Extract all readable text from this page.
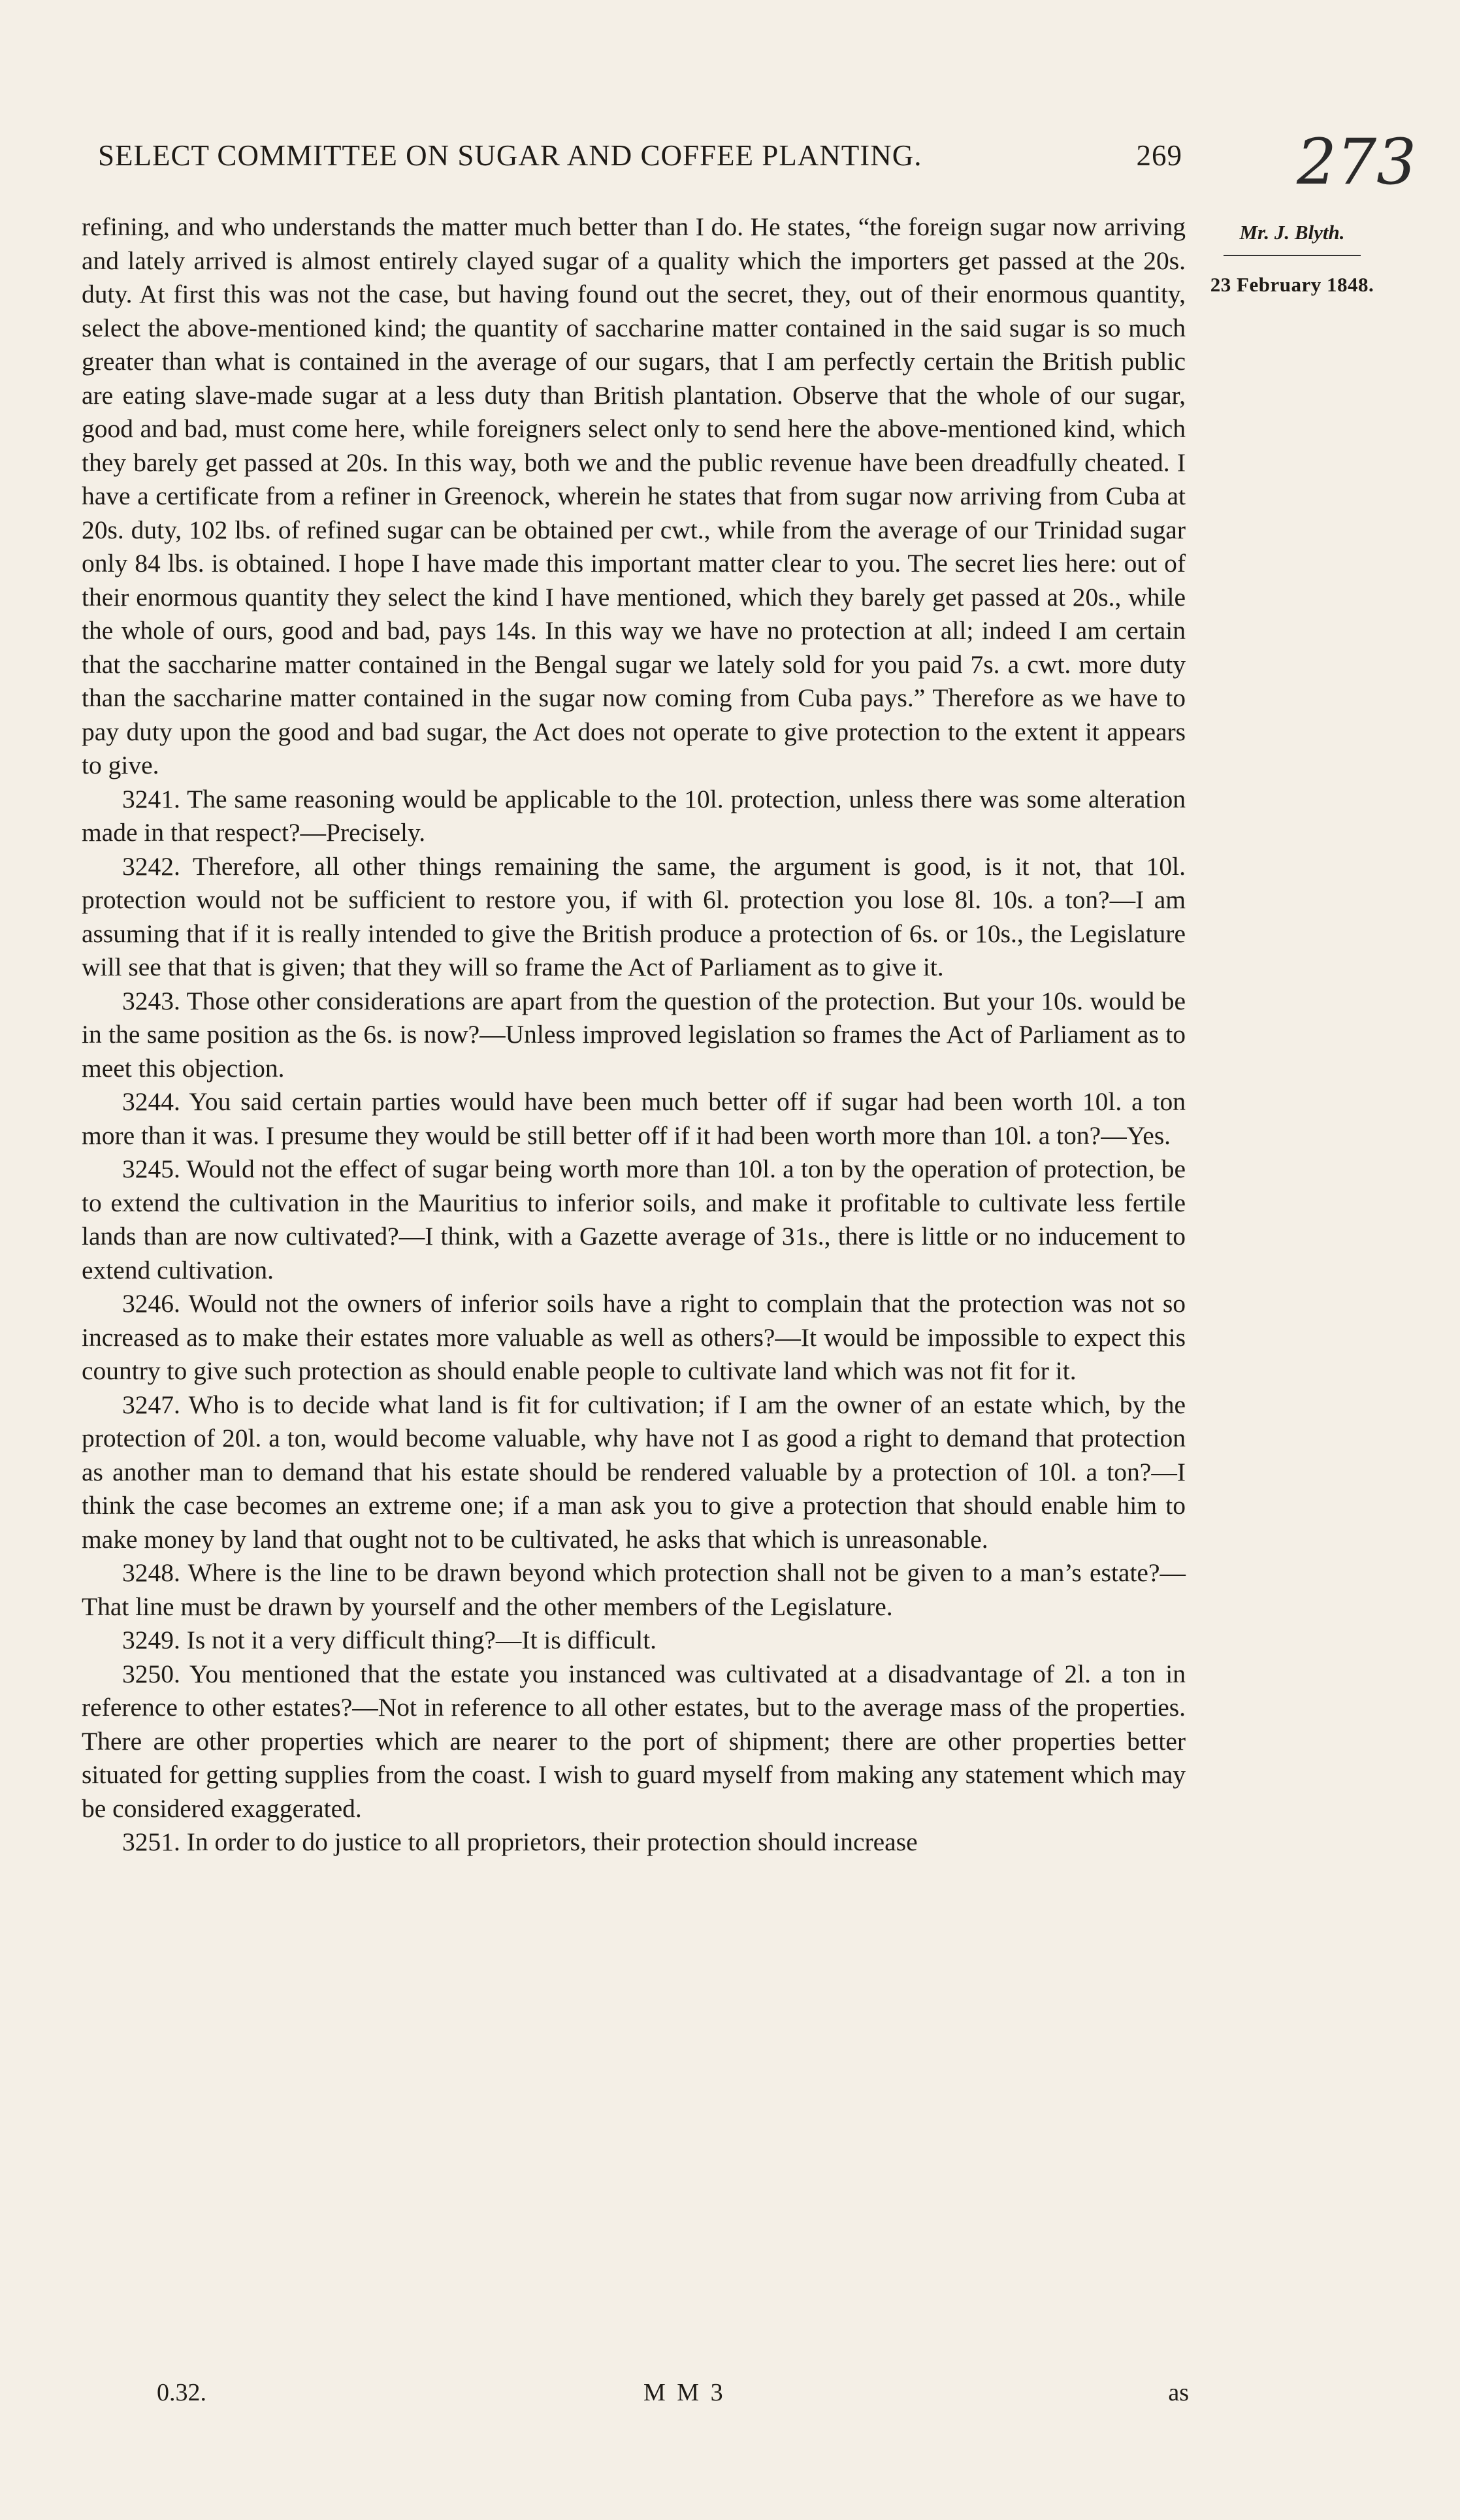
SELECT COMMITTEE ON SUGAR AND COFFEE PLANTING.	269 273
Mr. J. Blyth.
23 February 1848.

refining, and who understands the matter much better than I do. He states, “the foreign sugar now arriving and lately arrived is almost entirely clayed sugar of a quality which the importers get passed at the 20s. duty. At first this was not the case, but having found out the secret, they, out of their enormous quantity, select the above-mentioned kind; the quantity of saccharine matter contained in the said sugar is so much greater than what is contained in the average of our sugars, that I am perfectly certain the British public are eating slave-made sugar at a less duty than British plantation. Observe that the whole of our sugar, good and bad, must come here, while foreigners select only to send here the above-mentioned kind, which they barely get passed at 20s. In this way, both we and the public revenue have been dreadfully cheated. I have a certificate from a refiner in Greenock, wherein he states that from sugar now arriving from Cuba at 20s. duty, 102 lbs. of refined sugar can be obtained per cwt., while from the average of our Trinidad sugar only 84 lbs. is obtained. I hope I have made this important matter clear to you. The secret lies here: out of their enormous quantity they select the kind I have mentioned, which they barely get passed at 20s., while the whole of ours, good and bad, pays 14s. In this way we have no protection at all; indeed I am certain that the saccharine matter contained in the Bengal sugar we lately sold for you paid 7s. a cwt. more duty than the saccharine matter contained in the sugar now coming from Cuba pays.” Therefore as we have to pay duty upon the good and bad sugar, the Act does not operate to give protection to the extent it appears to give.

3241. The same reasoning would be applicable to the 10l. protection, unless there was some alteration made in that respect?—Precisely.

3242. Therefore, all other things remaining the same, the argument is good, is it not, that 10l. protection would not be sufficient to restore you, if with 6l. protection you lose 8l. 10s. a ton?—I am assuming that if it is really intended to give the British produce a protection of 6s. or 10s., the Legislature will see that that is given; that they will so frame the Act of Parliament as to give it.

3243. Those other considerations are apart from the question of the protection. But your 10s. would be in the same position as the 6s. is now?—Unless improved legislation so frames the Act of Parliament as to meet this objection.

3244. You said certain parties would have been much better off if sugar had been worth 10l. a ton more than it was. I presume they would be still better off if it had been worth more than 10l. a ton?—Yes.

3245. Would not the effect of sugar being worth more than 10l. a ton by the operation of protection, be to extend the cultivation in the Mauritius to inferior soils, and make it profitable to cultivate less fertile lands than are now cultivated?—I think, with a Gazette average of 31s., there is little or no inducement to extend cultivation.

3246. Would not the owners of inferior soils have a right to complain that the protection was not so increased as to make their estates more valuable as well as others?—It would be impossible to expect this country to give such protection as should enable people to cultivate land which was not fit for it.

3247. Who is to decide what land is fit for cultivation; if I am the owner of an estate which, by the protection of 20l. a ton, would become valuable, why have not I as good a right to demand that protection as another man to demand that his estate should be rendered valuable by a protection of 10l. a ton?—I think the case becomes an extreme one; if a man ask you to give a protection that should enable him to make money by land that ought not to be cultivated, he asks that which is unreasonable.

3248. Where is the line to be drawn beyond which protection shall not be given to a man’s estate?—That line must be drawn by yourself and the other members of the Legislature.

3249. Is not it a very difficult thing?—It is difficult.

3250. You mentioned that the estate you instanced was cultivated at a disadvantage of 2l. a ton in reference to other estates?—Not in reference to all other estates, but to the average mass of the properties. There are other properties which are nearer to the port of shipment; there are other properties better situated for getting supplies from the coast. I wish to guard myself from making any statement which may be considered exaggerated.

3251. In order to do justice to all proprietors, their protection should increase

0.32.	M M 3	as
